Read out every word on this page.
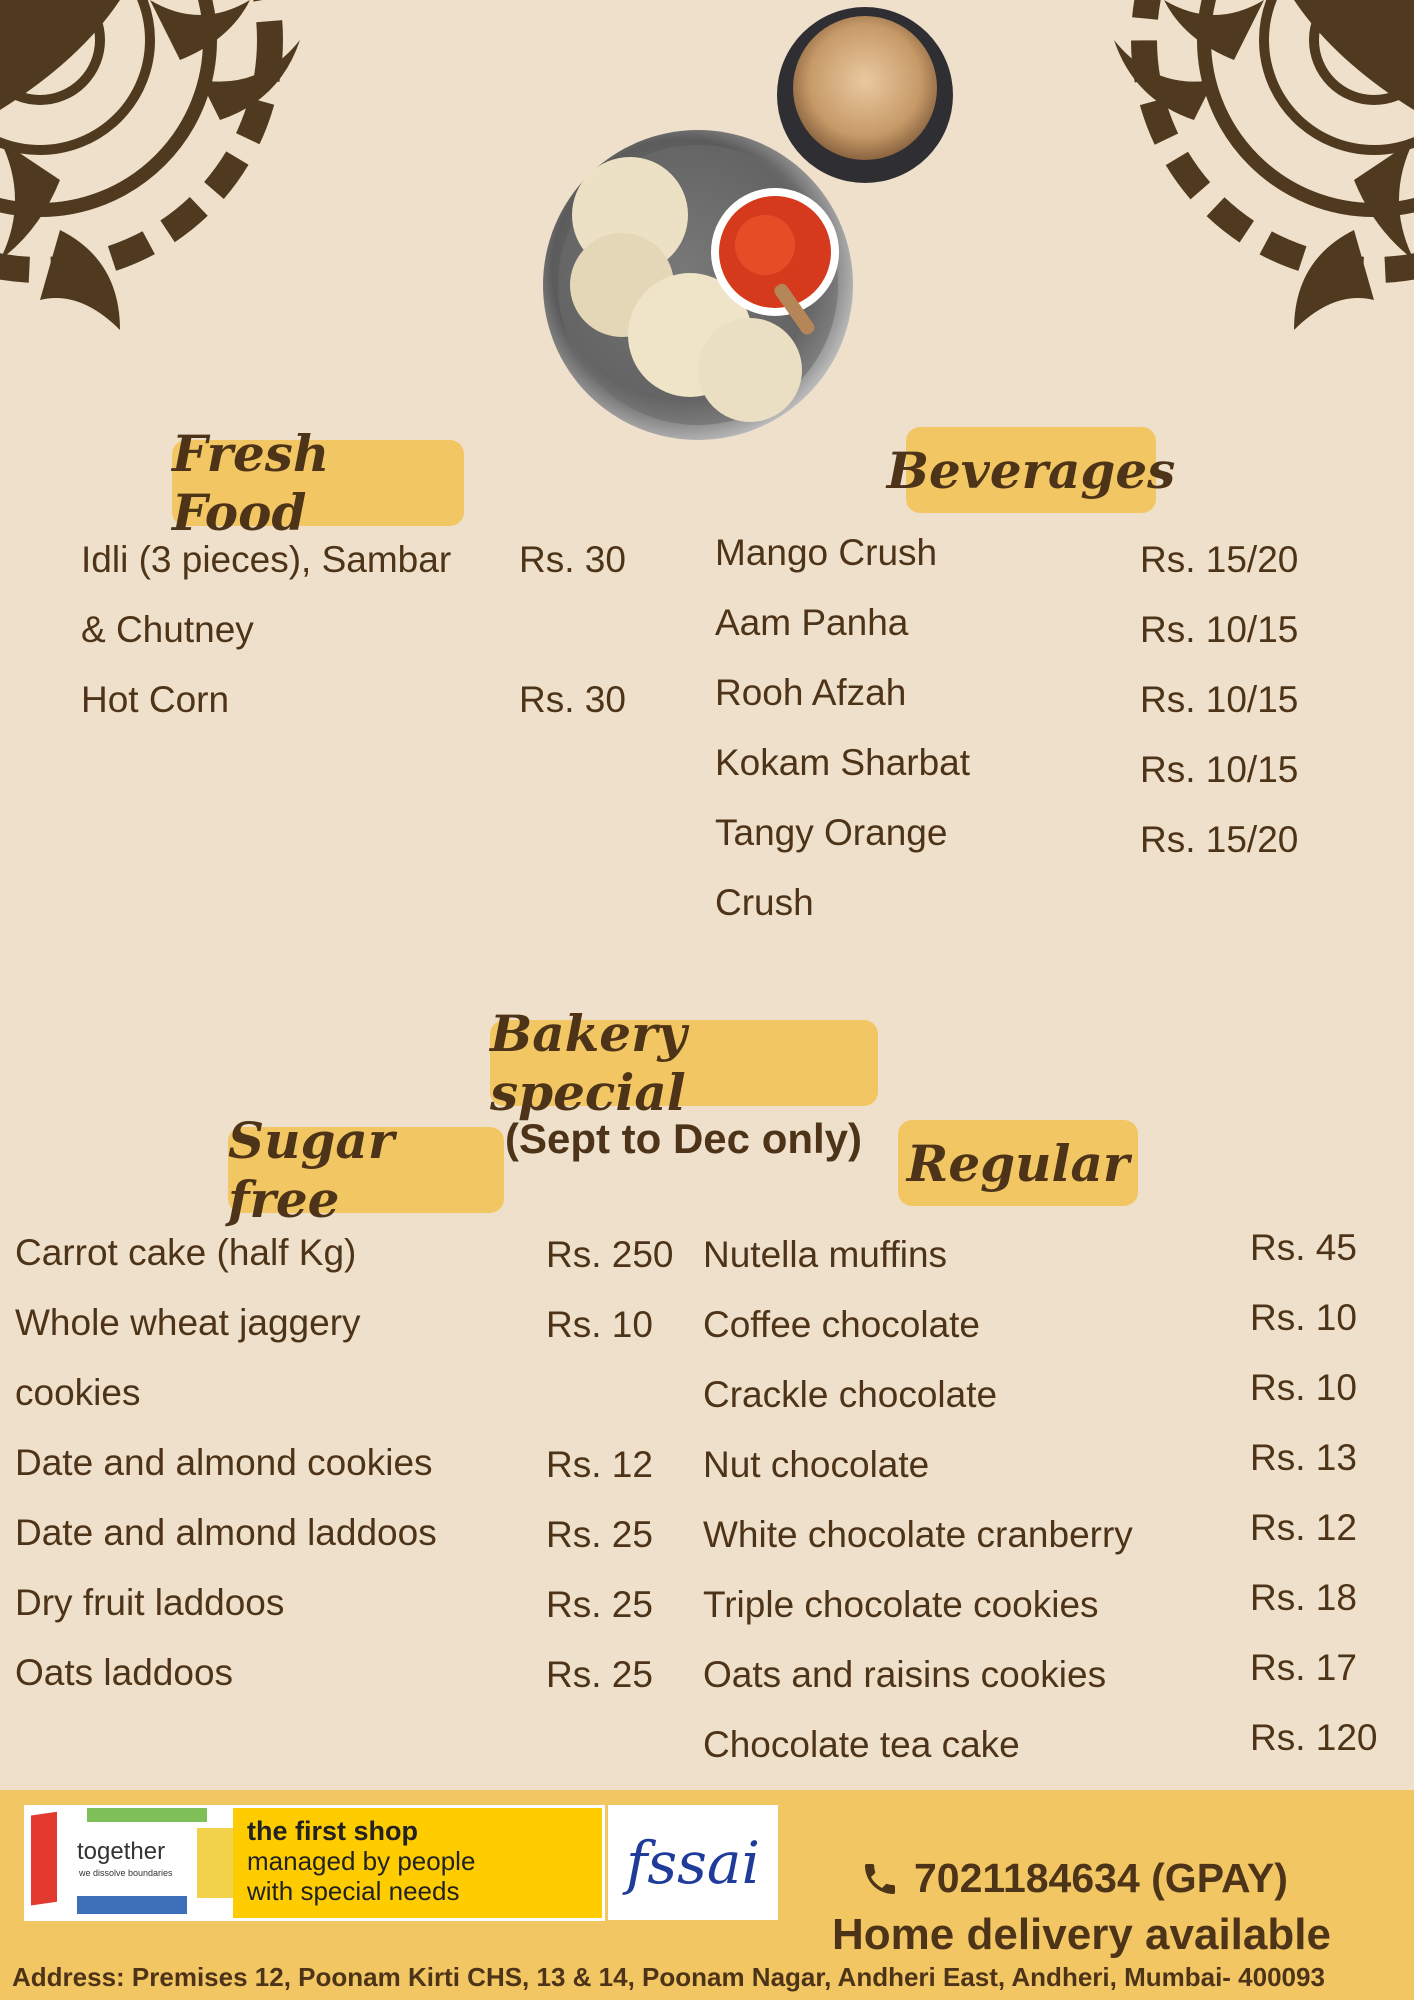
Fresh Food
Idli (3 pieces), Sambar
& Chutney
Rs. 30
Hot Corn	Rs. 30
Beverages
Mango Crush	Rs. 15/20
Aam Panha	Rs. 10/15
Rooh Afzah	Rs. 10/15
Kokam Sharbat	Rs. 10/15
Tangy Orange
Crush
Rs. 15/20
Bakery special
(Sept to Dec only)
Sugar free
Regular
Carrot cake (half Kg)	Rs. 250
Whole wheat jaggery
cookies
Rs. 10
Date and almond cookies	Rs. 12
Date and almond laddoos	Rs. 25
Dry fruit laddoos	Rs. 25
Oats laddoos	Rs. 25
Nutella muffins	Rs. 45
Coffee chocolate	Rs. 10
Crackle chocolate	Rs. 10
Nut chocolate	Rs. 13
White chocolate cranberry	Rs. 12
Triple chocolate cookies	Rs. 18
Oats and raisins cookies	Rs. 17
Chocolate tea cake	Rs. 120
together
we dissolve boundaries
the first shop
managed by people
with special needs	fssai	7021184634 (GPAY)
Home delivery available
Address: Premises 12, Poonam Kirti CHS, 13 & 14, Poonam Nagar, Andheri East, Andheri, Mumbai- 400093
